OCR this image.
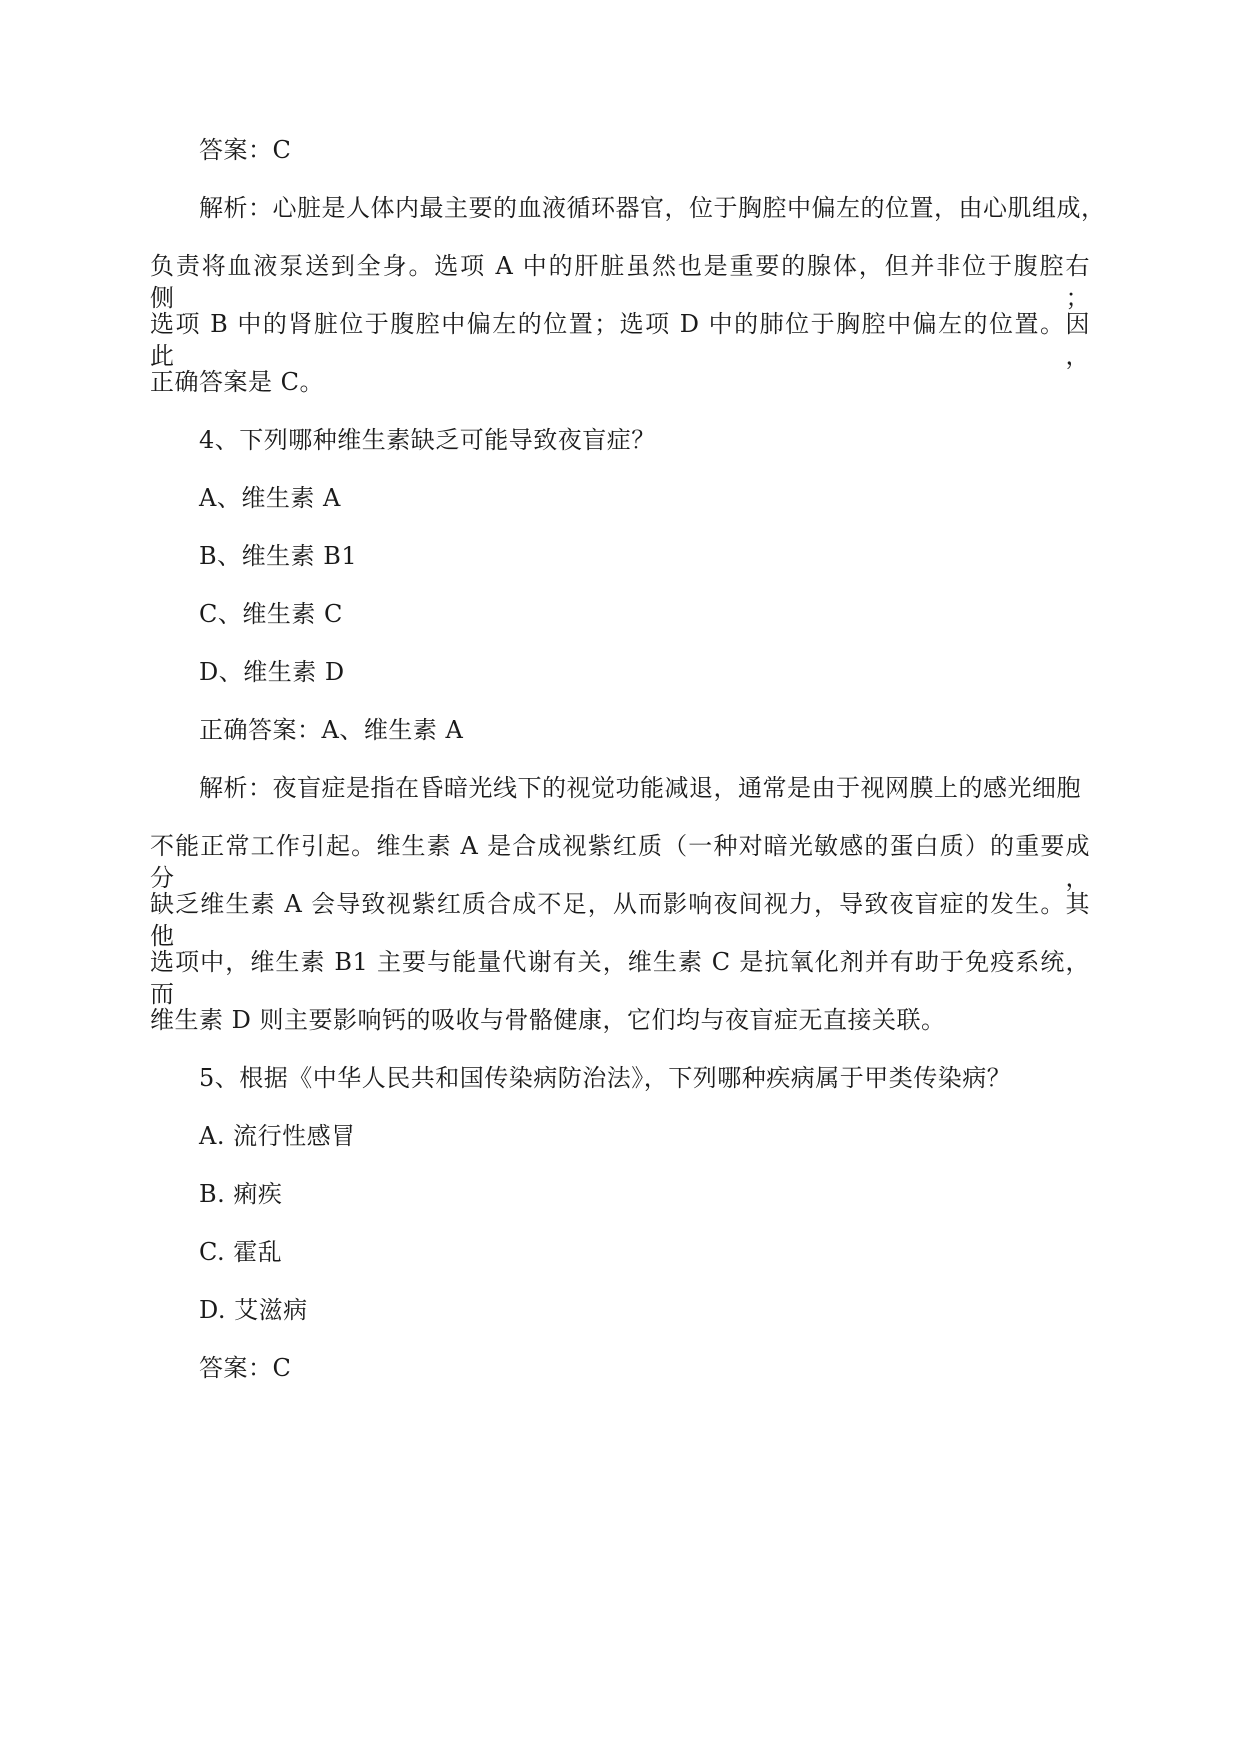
答案：C
解析：心脏是人体内最主要的血液循环器官，位于胸腔中偏左的位置，由心肌组成，
负责将血液泵送到全身。选项 A 中的肝脏虽然也是重要的腺体，但并非位于腹腔右侧；
选项 B 中的肾脏位于腹腔中偏左的位置；选项 D 中的肺位于胸腔中偏左的位置。因此，
正确答案是 C。
4、下列哪种维生素缺乏可能导致夜盲症？
A、维生素 A
B、维生素 B1
C、维生素 C
D、维生素 D
正确答案：A、维生素 A
解析：夜盲症是指在昏暗光线下的视觉功能减退，通常是由于视网膜上的感光细胞
不能正常工作引起。维生素 A 是合成视紫红质（一种对暗光敏感的蛋白质）的重要成分，
缺乏维生素 A 会导致视紫红质合成不足，从而影响夜间视力，导致夜盲症的发生。其他
选项中，维生素 B1 主要与能量代谢有关，维生素 C 是抗氧化剂并有助于免疫系统，而
维生素 D 则主要影响钙的吸收与骨骼健康，它们均与夜盲症无直接关联。
5、根据《中华人民共和国传染病防治法》，下列哪种疾病属于甲类传染病？
A. 流行性感冒
B. 痢疾
C. 霍乱
D. 艾滋病
答案：C
